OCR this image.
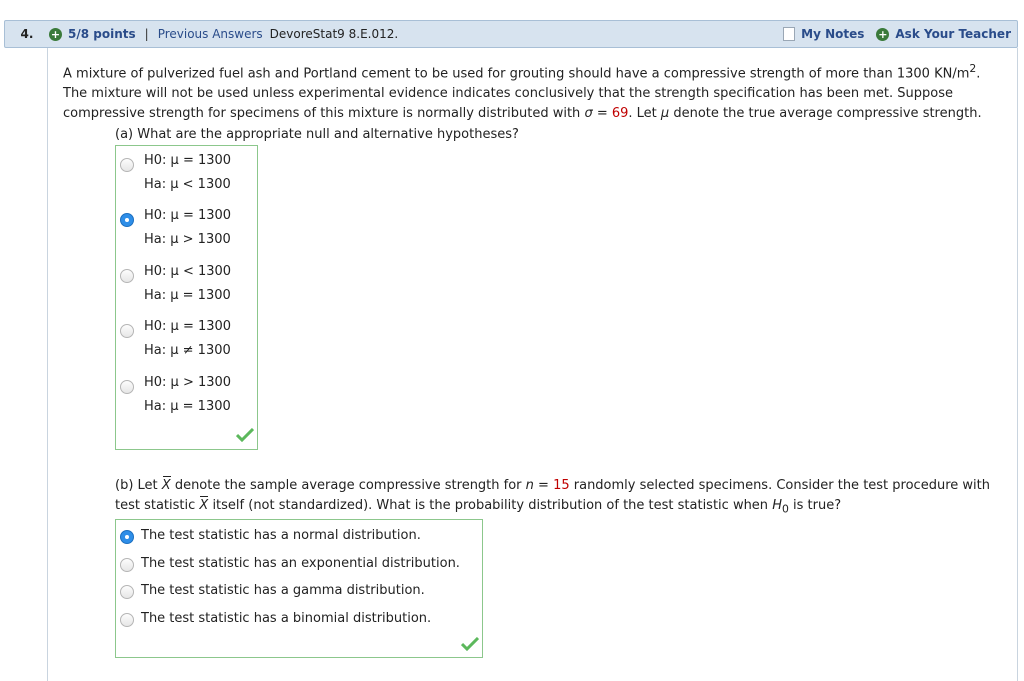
4.	+ 5/8 points | Previous Answers DevoreStat9 8.E.012.	My Notes + Ask Your Teacher
A mixture of pulverized fuel ash and Portland cement to be used for grouting should have a compressive strength of more than 1300 $KN/m^2$.
The mixture will not be used unless experimental evidence indicates conclusively that the strength specification has been met. Suppose
compressive strength for specimens of this mixture is normally distributed with σ = 69. Let μ denote the true average compressive strength.
(a) What are the appropriate null and alternative hypotheses?
H0: μ = 1300
Ha: μ < 1300
H0: μ = 1300
Ha: μ > 1300
H0: μ < 1300
Ha: μ = 1300
H0: μ = 1300
Ha: μ ≠ 1300
H0: μ > 1300
Ha: μ = 1300
(b) Let X denote the sample average compressive strength for n = 15 randomly selected specimens. Consider the test procedure with
test statistic X itself (not standardized). What is the probability distribution of the test statistic when $H_0$ is true?
The test statistic has a normal distribution.
The test statistic has an exponential distribution.
The test statistic has a gamma distribution.
The test statistic has a binomial distribution.
